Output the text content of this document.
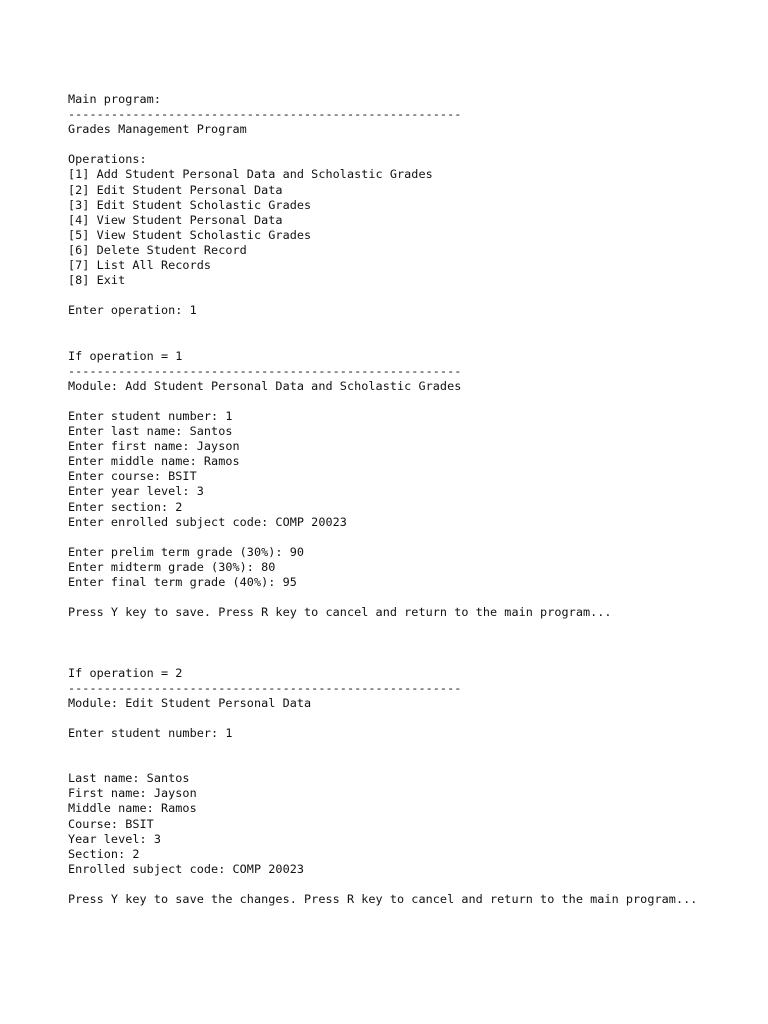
Main program:
-------------------------------------------------------
Grades Management Program
Operations:
[1] Add Student Personal Data and Scholastic Grades
[2] Edit Student Personal Data
[3] Edit Student Scholastic Grades
[4] View Student Personal Data
[5] View Student Scholastic Grades
[6] Delete Student Record
[7] List All Records
[8] Exit
Enter operation: 1
If operation = 1
-------------------------------------------------------
Module: Add Student Personal Data and Scholastic Grades
Enter student number: 1
Enter last name: Santos
Enter first name: Jayson
Enter middle name: Ramos
Enter course: BSIT
Enter year level: 3
Enter section: 2
Enter enrolled subject code: COMP 20023
Enter prelim term grade (30%): 90
Enter midterm grade (30%): 80
Enter final term grade (40%): 95
Press Y key to save. Press R key to cancel and return to the main program...
If operation = 2
-------------------------------------------------------
Module: Edit Student Personal Data
Enter student number: 1
Last name: Santos
First name: Jayson
Middle name: Ramos
Course: BSIT
Year level: 3
Section: 2
Enrolled subject code: COMP 20023
Press Y key to save the changes. Press R key to cancel and return to the main program...
